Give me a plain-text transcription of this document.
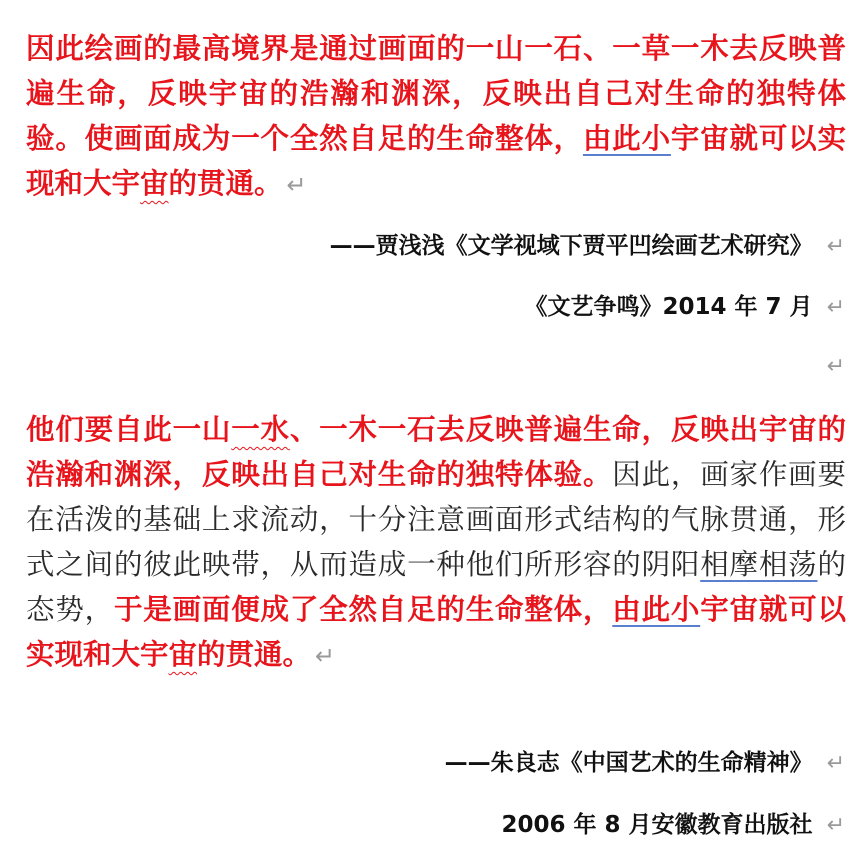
因此绘画的最高境界是通过画面的一山一石、一草一木去反映普遍生命，反映宇宙的浩瀚和渊深，反映出自己对生命的独特体验。使画面成为一个全然自足的生命整体，由此小宇宙就可以实现和大宇宙的贯通。 ↵
——贾浅浅《文学视域下贾平凹绘画艺术研究》 ↵
《文艺争鸣》2014 年 7 月 ↵
↵
他们要自此一山一水、一木一石去反映普遍生命，反映出宇宙的浩瀚和渊深，反映出自己对生命的独特体验。因此，画家作画要在活泼的基础上求流动，十分注意画面形式结构的气脉贯通，形式之间的彼此映带，从而造成一种他们所形容的阴阳相摩相荡的态势，于是画面便成了全然自足的生命整体，由此小宇宙就可以实现和大宇宙的贯通。 ↵
——朱良志《中国艺术的生命精神》 ↵
2006 年 8 月安徽教育出版社 ↵
